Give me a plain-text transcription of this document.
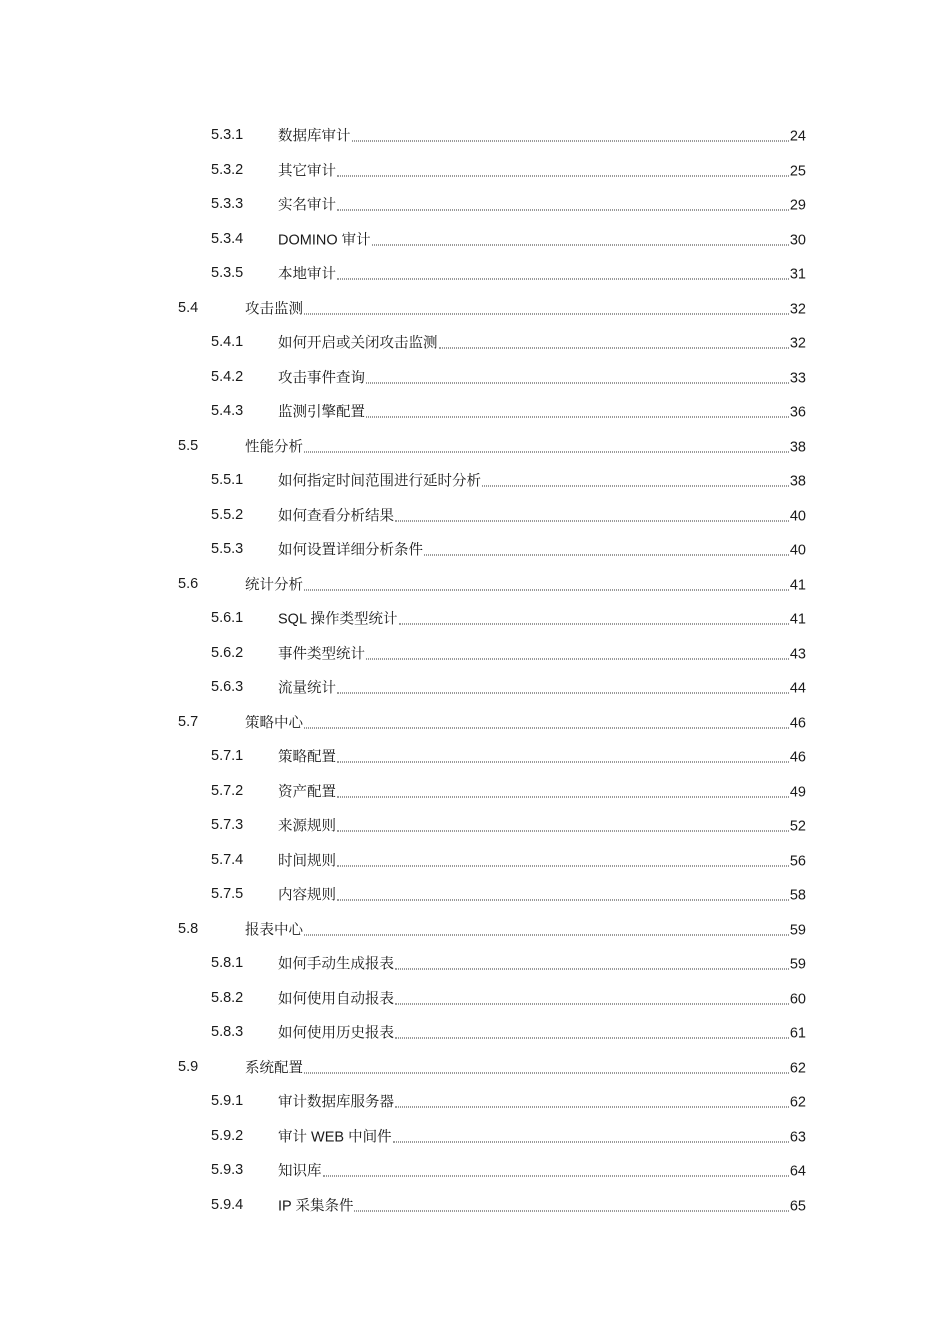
5.3.1 数据库审计	24
5.3.2 其它审计	25
5.3.3 实名审计	29
5.3.4 DOMINO 审计	30
5.3.5 本地审计	31
5.4	攻击监测	32
5.4.1 如何开启或关闭攻击监测	32
5.4.2 攻击事件查询	33
5.4.3 监测引擎配置	36
5.5	性能分析	38
5.5.1 如何指定时间范围进行延时分析	38
5.5.2 如何查看分析结果	40
5.5.3 如何设置详细分析条件	40
5.6	统计分析	41
5.6.1 SQL 操作类型统计	41
5.6.2 事件类型统计	43
5.6.3 流量统计	44
5.7	策略中心	46
5.7.1 策略配置	46
5.7.2 资产配置	49
5.7.3 来源规则	52
5.7.4 时间规则	56
5.7.5 内容规则	58
5.8	报表中心	59
5.8.1 如何手动生成报表	59
5.8.2 如何使用自动报表	60
5.8.3 如何使用历史报表	61
5.9	系统配置	62
5.9.1 审计数据库服务器	62
5.9.2 审计 WEB 中间件	63
5.9.3 知识库	64
5.9.4 IP 采集条件	65
